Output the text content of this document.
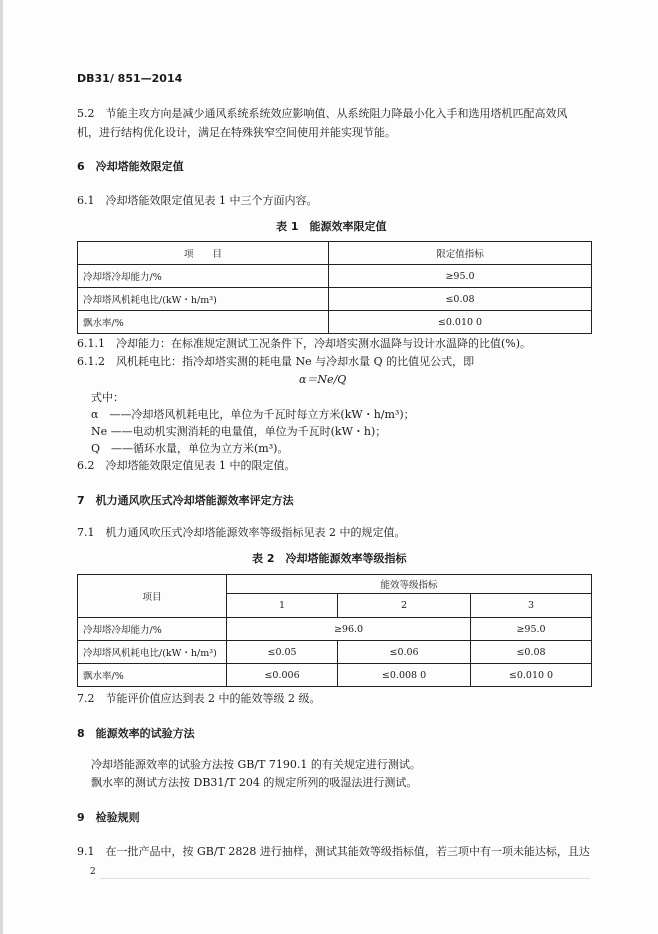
DB31/ 851—2014
5.2　节能主攻方向是减少通风系统系统效应影响值、从系统阻力降最小化入手和选用塔机匹配高效风
机，进行结构优化设计，满足在特殊狭窄空间使用并能实现节能。
6　冷却塔能效限定值
6.1　冷却塔能效限定值见表 1 中三个方面内容。
表 1　能源效率限定值
项　　目	限定值指标
冷却塔冷却能力/%	≥95.0
冷却塔风机耗电比/(kW・h/m³)	≤0.08
飘水率/%	≤0.010 0
6.1.1　冷却能力：在标准规定测试工况条件下，冷却塔实测水温降与设计水温降的比值(%)。
6.1.2　风机耗电比：指冷却塔实测的耗电量 Ne 与冷却水量 Q 的比值见公式，即
α＝Ne/Q
式中：
α　——冷却塔风机耗电比，单位为千瓦时每立方米(kW・h/m³)；
Ne ——电动机实测消耗的电量值，单位为千瓦时(kW・h)；
Q　——循环水量，单位为立方米(m³)。
6.2　冷却塔能效限定值见表 1 中的限定值。
7　机力通风吹压式冷却塔能源效率评定方法
7.1　机力通风吹压式冷却塔能源效率等级指标见表 2 中的规定值。
表 2　冷却塔能源效率等级指标
项目	能效等级指标		
	1	2	3
冷却塔冷却能力/%	≥96.0		≥95.0
冷却塔风机耗电比/(kW・h/m³)	≤0.05	≤0.06	≤0.08
飘水率/%	≤0.006	≤0.008 0	≤0.010 0
7.2　节能评价值应达到表 2 中的能效等级 2 级。
8　能源效率的试验方法
冷却塔能源效率的试验方法按 GB/T 7190.1 的有关规定进行测试。
飘水率的测试方法按 DB31/T 204 的规定所列的吸湿法进行测试。
9　检验规则
9.1　在一批产品中，按 GB/T 2828 进行抽样，测试其能效等级指标值，若三项中有一项未能达标，且达
2
